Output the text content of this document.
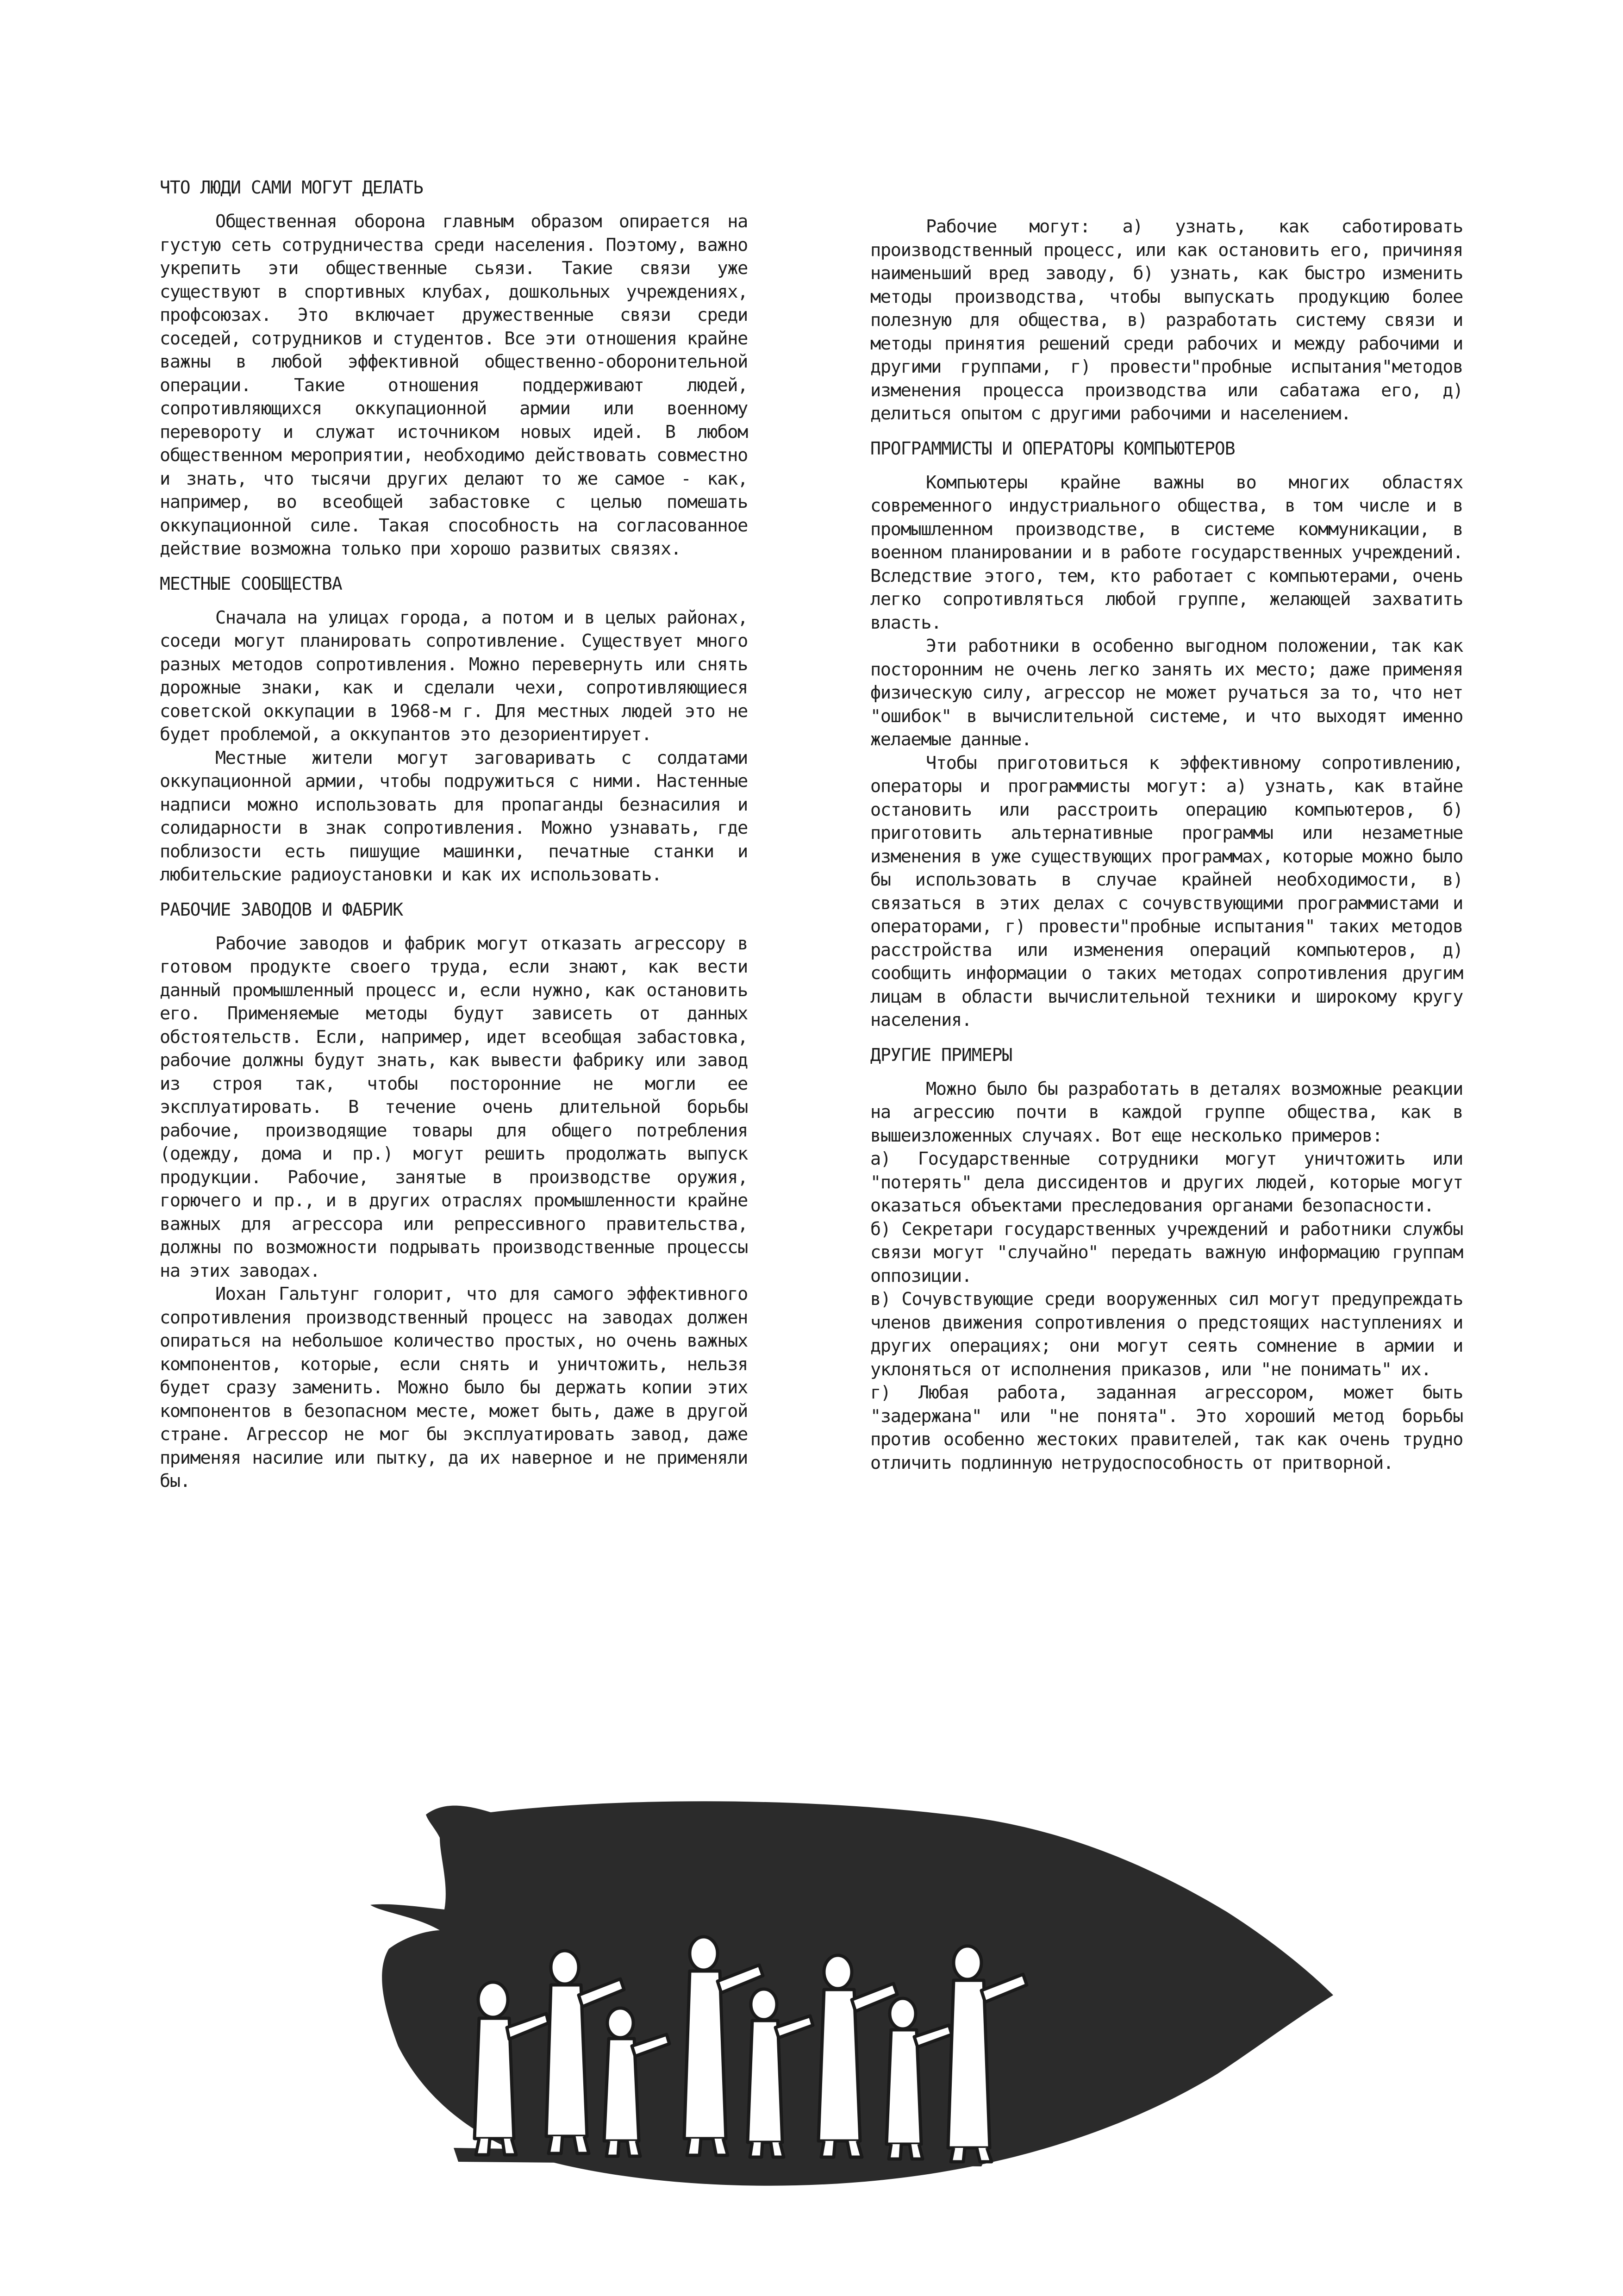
ЧТО ЛЮДИ САМИ МОГУТ ДЕЛАТЬ

Общественная оборона главным образом опирается на густую сеть сотрудничества среди населения. Поэтому, важно укрепить эти общественные сьязи. Такие связи уже существуют в спортивных клубах, дошкольных учреждениях, профсоюзах. Это включает дружественные связи среди соседей, сотрудников и студентов. Все эти отношения крайне важны в любой эффективной общественно-оборонительной операции. Такие отношения поддерживают людей, сопротивляющихся оккупационной армии или военному перевороту и служат источником новых идей. В любом общественном мероприятии, необходимо действовать совместно и знать, что тысячи других делают то же самое - как, например, во всеобщей забастовке с целью помешать оккупационной силе. Такая способность на согласованное действие возможна только при хорошо развитых связях.

МЕСТНЫЕ СООБЩЕСТВА

Сначала на улицах города, а потом и в целых районах, соседи могут планировать сопротивление. Существует много разных методов сопротивления. Можно перевернуть или снять дорожные знаки, как и сделали чехи, сопротивляющиеся советской оккупации в 1968-м г. Для местных людей это не будет проблемой, а оккупантов это дезориентирует.

Местные жители могут заговаривать с солдатами оккупационной армии, чтобы подружиться с ними. Настенные надписи можно использовать для пропаганды безнасилия и солидарности в знак сопротивления. Можно узнавать, где поблизости есть пишущие машинки, печатные станки и любительские радиоустановки и как их использовать.

РАБОЧИЕ ЗАВОДОВ И ФАБРИК

Рабочие заводов и фабрик могут отказать агрессору в готовом продукте своего труда, если знают, как вести данный промышленный процесс и, если нужно, как остановить его. Применяемые методы будут зависеть от данных обстоятельств. Если, например, идет всеобщая забастовка, рабочие должны будут знать, как вывести фабрику или завод из строя так, чтобы посторонние не могли ее эксплуатировать. В течение очень длительной борьбы рабочие, производящие товары для общего потребления (одежду, дома и пр.) могут решить продолжать выпуск продукции. Рабочие, занятые в производстве оружия, горючего и пр., и в других отраслях промышленности крайне важных для агрессора или репрессивного правительства, должны по возможности подрывать производственные процессы на этих заводах.

Иохан Гальтунг голорит, что для самого эффективного сопротивления производственный процесс на заводах должен опираться на небольшое количество простых, но очень важных компонентов, которые, если снять и уничтожить, нельзя будет сразу заменить. Можно было бы держать копии этих компонентов в безопасном месте, может быть, даже в другой стране. Агрессор не мог бы эксплуатировать завод, даже применяя насилие или пытку, да их наверное и не применяли бы.

Рабочие могут: а) узнать, как саботировать производственный процесс, или как остановить его, причиняя наименьший вред заводу, б) узнать, как быстро изменить методы производства, чтобы выпускать продукцию более полезную для общества, в) разработать систему связи и методы принятия решений среди рабочих и между рабочими и другими группами, г) провести"пробные испытания"методов изменения процесса производства или сабатажа его, д) делиться опытом с другими рабочими и населением.

ПРОГРАММИСТЫ И ОПЕРАТОРЫ КОМПЬЮТЕРОВ

Компьютеры крайне важны во многих областях современного индустриального общества, в том числе и в промышленном производстве, в системе коммуникации, в военном планировании и в работе государственных учреждений. Вследствие этого, тем, кто работает с компьютерами, очень легко сопротивляться любой группе, желающей захватить власть.

Эти работники в особенно выгодном положении, так как посторонним не очень легко занять их место; даже применяя физическую силу, агрессор не может ручаться за то, что нет "ошибок" в вычислительной системе, и что выходят именно желаемые данные.

Чтобы приготовиться к эффективному сопротивлению, операторы и программисты могут: а) узнать, как втайне остановить или расстроить операцию компьютеров, б) приготовить альтернативные программы или незаметные изменения в уже существующих программах, которые можно было бы использовать в случае крайней необходимости, в) связаться в этих делах с сочувствующими программистами и операторами, г) провести"пробные испытания" таких методов расстройства или изменения операций компьютеров, д) сообщить информации о таких методах сопротивления другим лицам в области вычислительной техники и широкому кругу населения.

ДРУГИЕ ПРИМЕРЫ

Можно было бы разработать в деталях возможные реакции на агрессию почти в каждой группе общества, как в вышеизложенных случаях. Вот еще несколько примеров:

а) Государственные сотрудники могут уничтожить или "потерять" дела диссидентов и других людей, которые могут оказаться объектами преследования органами безопасности.

б) Секретари государственных учреждений и работники службы связи могут "случайно" передать важную информацию группам оппозиции.

в) Сочувствующие среди вооруженных сил могут предупреждать членов движения сопротивления о предстоящих наступлениях и других операциях; они могут сеять сомнение в армии и уклоняться от исполнения приказов, или "не понимать" их.

г) Любая работа, заданная агрессором, может быть "задержана" или "не понята". Это хороший метод борьбы против особенно жестоких правителей, так как очень трудно отличить подлинную нетрудоспособность от притворной.
